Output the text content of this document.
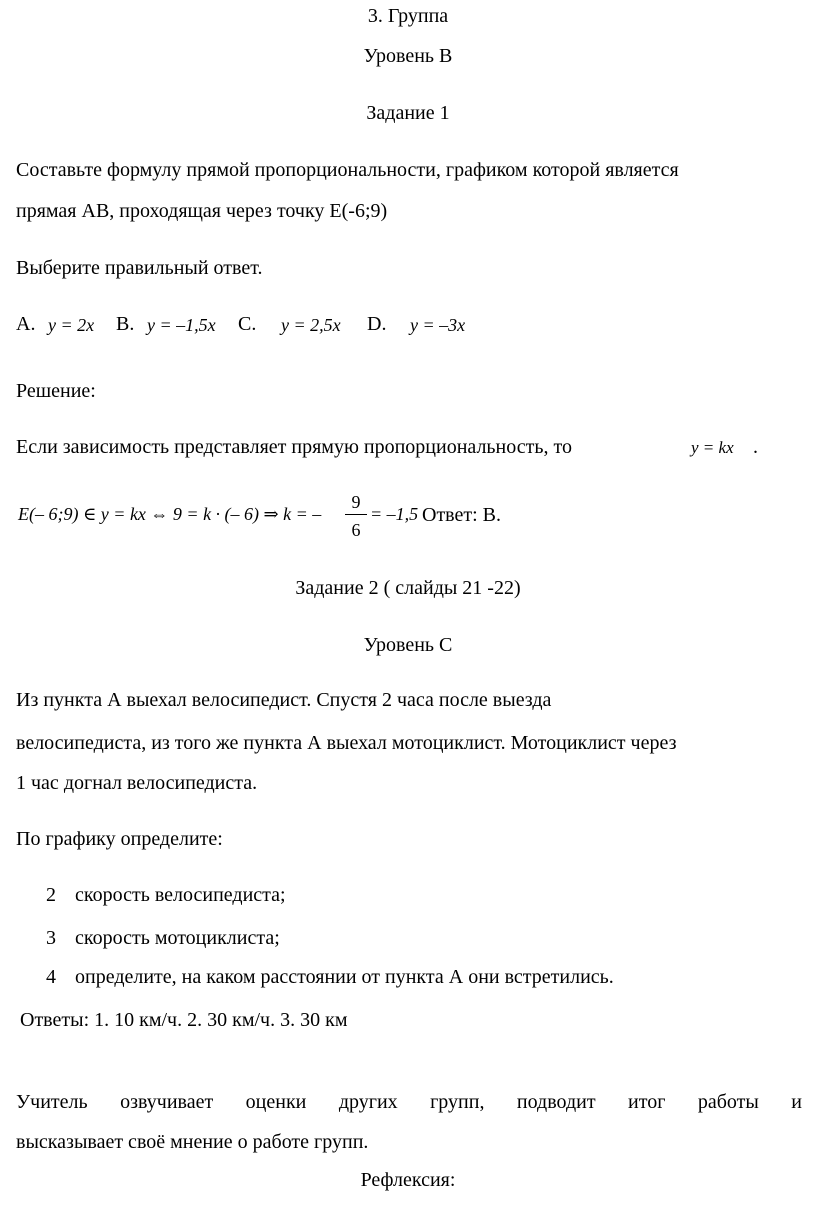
3. Группа
Уровень В
Задание 1
Составьте формулу прямой пропорциональности, графиком которой является
прямая АВ, проходящая через точку Е(-6;9)
Выберите правильный ответ.
А. y = 2x В. y = –1,5x С. y = 2,5x D. y = –3x
Решение:
Если зависимость представляет прямую пропорциональность, то	y = kx .
E(– 6;9) ∈ y = kx ⇔ 9 = k · (– 6) ⇒ k = –
9
6
= –1,5 Ответ: В.
Задание 2 ( слайды 21 -22)
Уровень С
Из пункта А выехал велосипедист. Спустя 2 часа после выезда
велосипедиста, из того же пункта А выехал мотоциклист. Мотоциклист через
1 час догнал велосипедиста.
По графику определите:
2 скорость велосипедиста;
3 скорость мотоциклиста;
4 определите, на каком расстоянии от пункта А они встретились.
Ответы: 1. 10 км/ч. 2. 30 км/ч. 3. 30 км
Учитель озвучивает оценки других групп, подводит итог работы и
высказывает своё мнение о работе групп.
Рефлексия:
